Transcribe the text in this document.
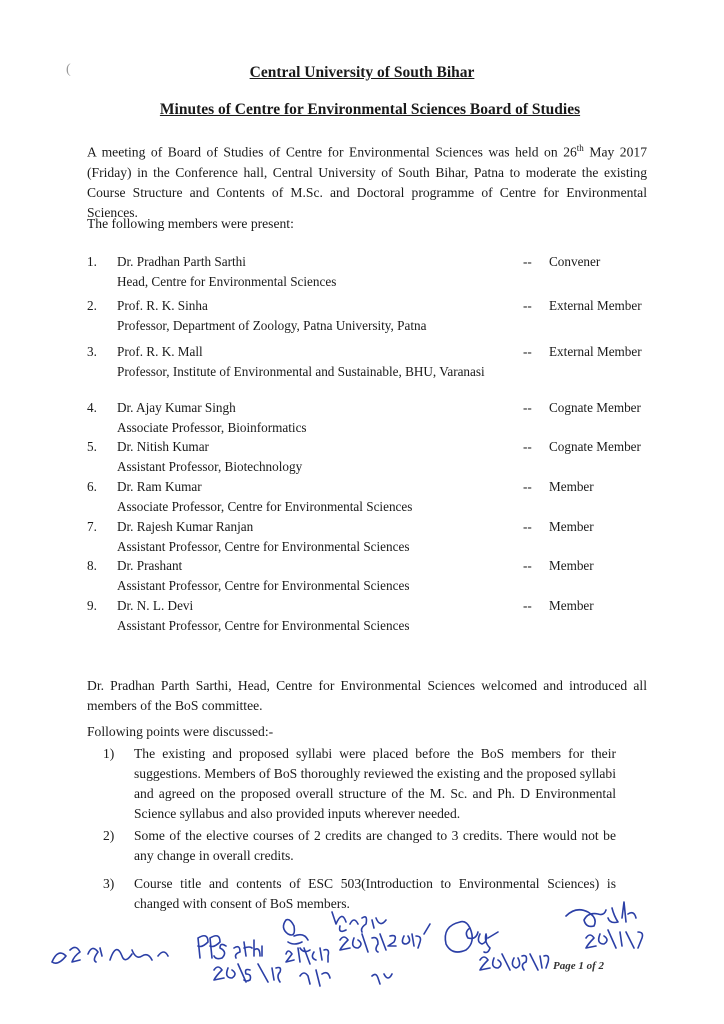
(	Central University of South Bihar
Minutes of Centre for Environmental Sciences Board of Studies
A meeting of Board of Studies of Centre for Environmental Sciences was held on 26th May 2017 (Friday) in the Conference hall, Central University of South Bihar, Patna to moderate the existing Course Structure and Contents of M.Sc. and Doctoral programme of Centre for Environmental Sciences.
The following members were present:
1. Dr. Pradhan Parth Sarthi
Head, Centre for Environmental Sciences
-- Convener
2. Prof. R. K. Sinha
Professor, Department of Zoology, Patna University, Patna
-- External Member
3. Prof. R. K. Mall
Professor, Institute of Environmental and Sustainable, BHU, Varanasi
-- External Member
4. Dr. Ajay Kumar Singh
Associate Professor, Bioinformatics
-- Cognate Member
5. Dr. Nitish Kumar
Assistant Professor, Biotechnology
-- Cognate Member
6. Dr. Ram Kumar
Associate Professor, Centre for Environmental Sciences
-- Member
7. Dr. Rajesh Kumar Ranjan
Assistant Professor, Centre for Environmental Sciences
-- Member
8. Dr. Prashant
Assistant Professor, Centre for Environmental Sciences
-- Member
9. Dr. N. L. Devi
Assistant Professor, Centre for Environmental Sciences
-- Member
Dr. Pradhan Parth Sarthi, Head, Centre for Environmental Sciences welcomed and introduced all members of the BoS committee.
Following points were discussed:-
1) The existing and proposed syllabi were placed before the BoS members for their suggestions. Members of BoS thoroughly reviewed the existing and the proposed syllabi and agreed on the proposed overall structure of the M. Sc. and Ph. D Environmental Science syllabus and also provided inputs wherever needed.
2) Some of the elective courses of 2 credits are changed to 3 credits. There would not be any change in overall credits.
3) Course title and contents of ESC 503(Introduction to Environmental Sciences) is changed with consent of BoS members.
Page 1 of 2
